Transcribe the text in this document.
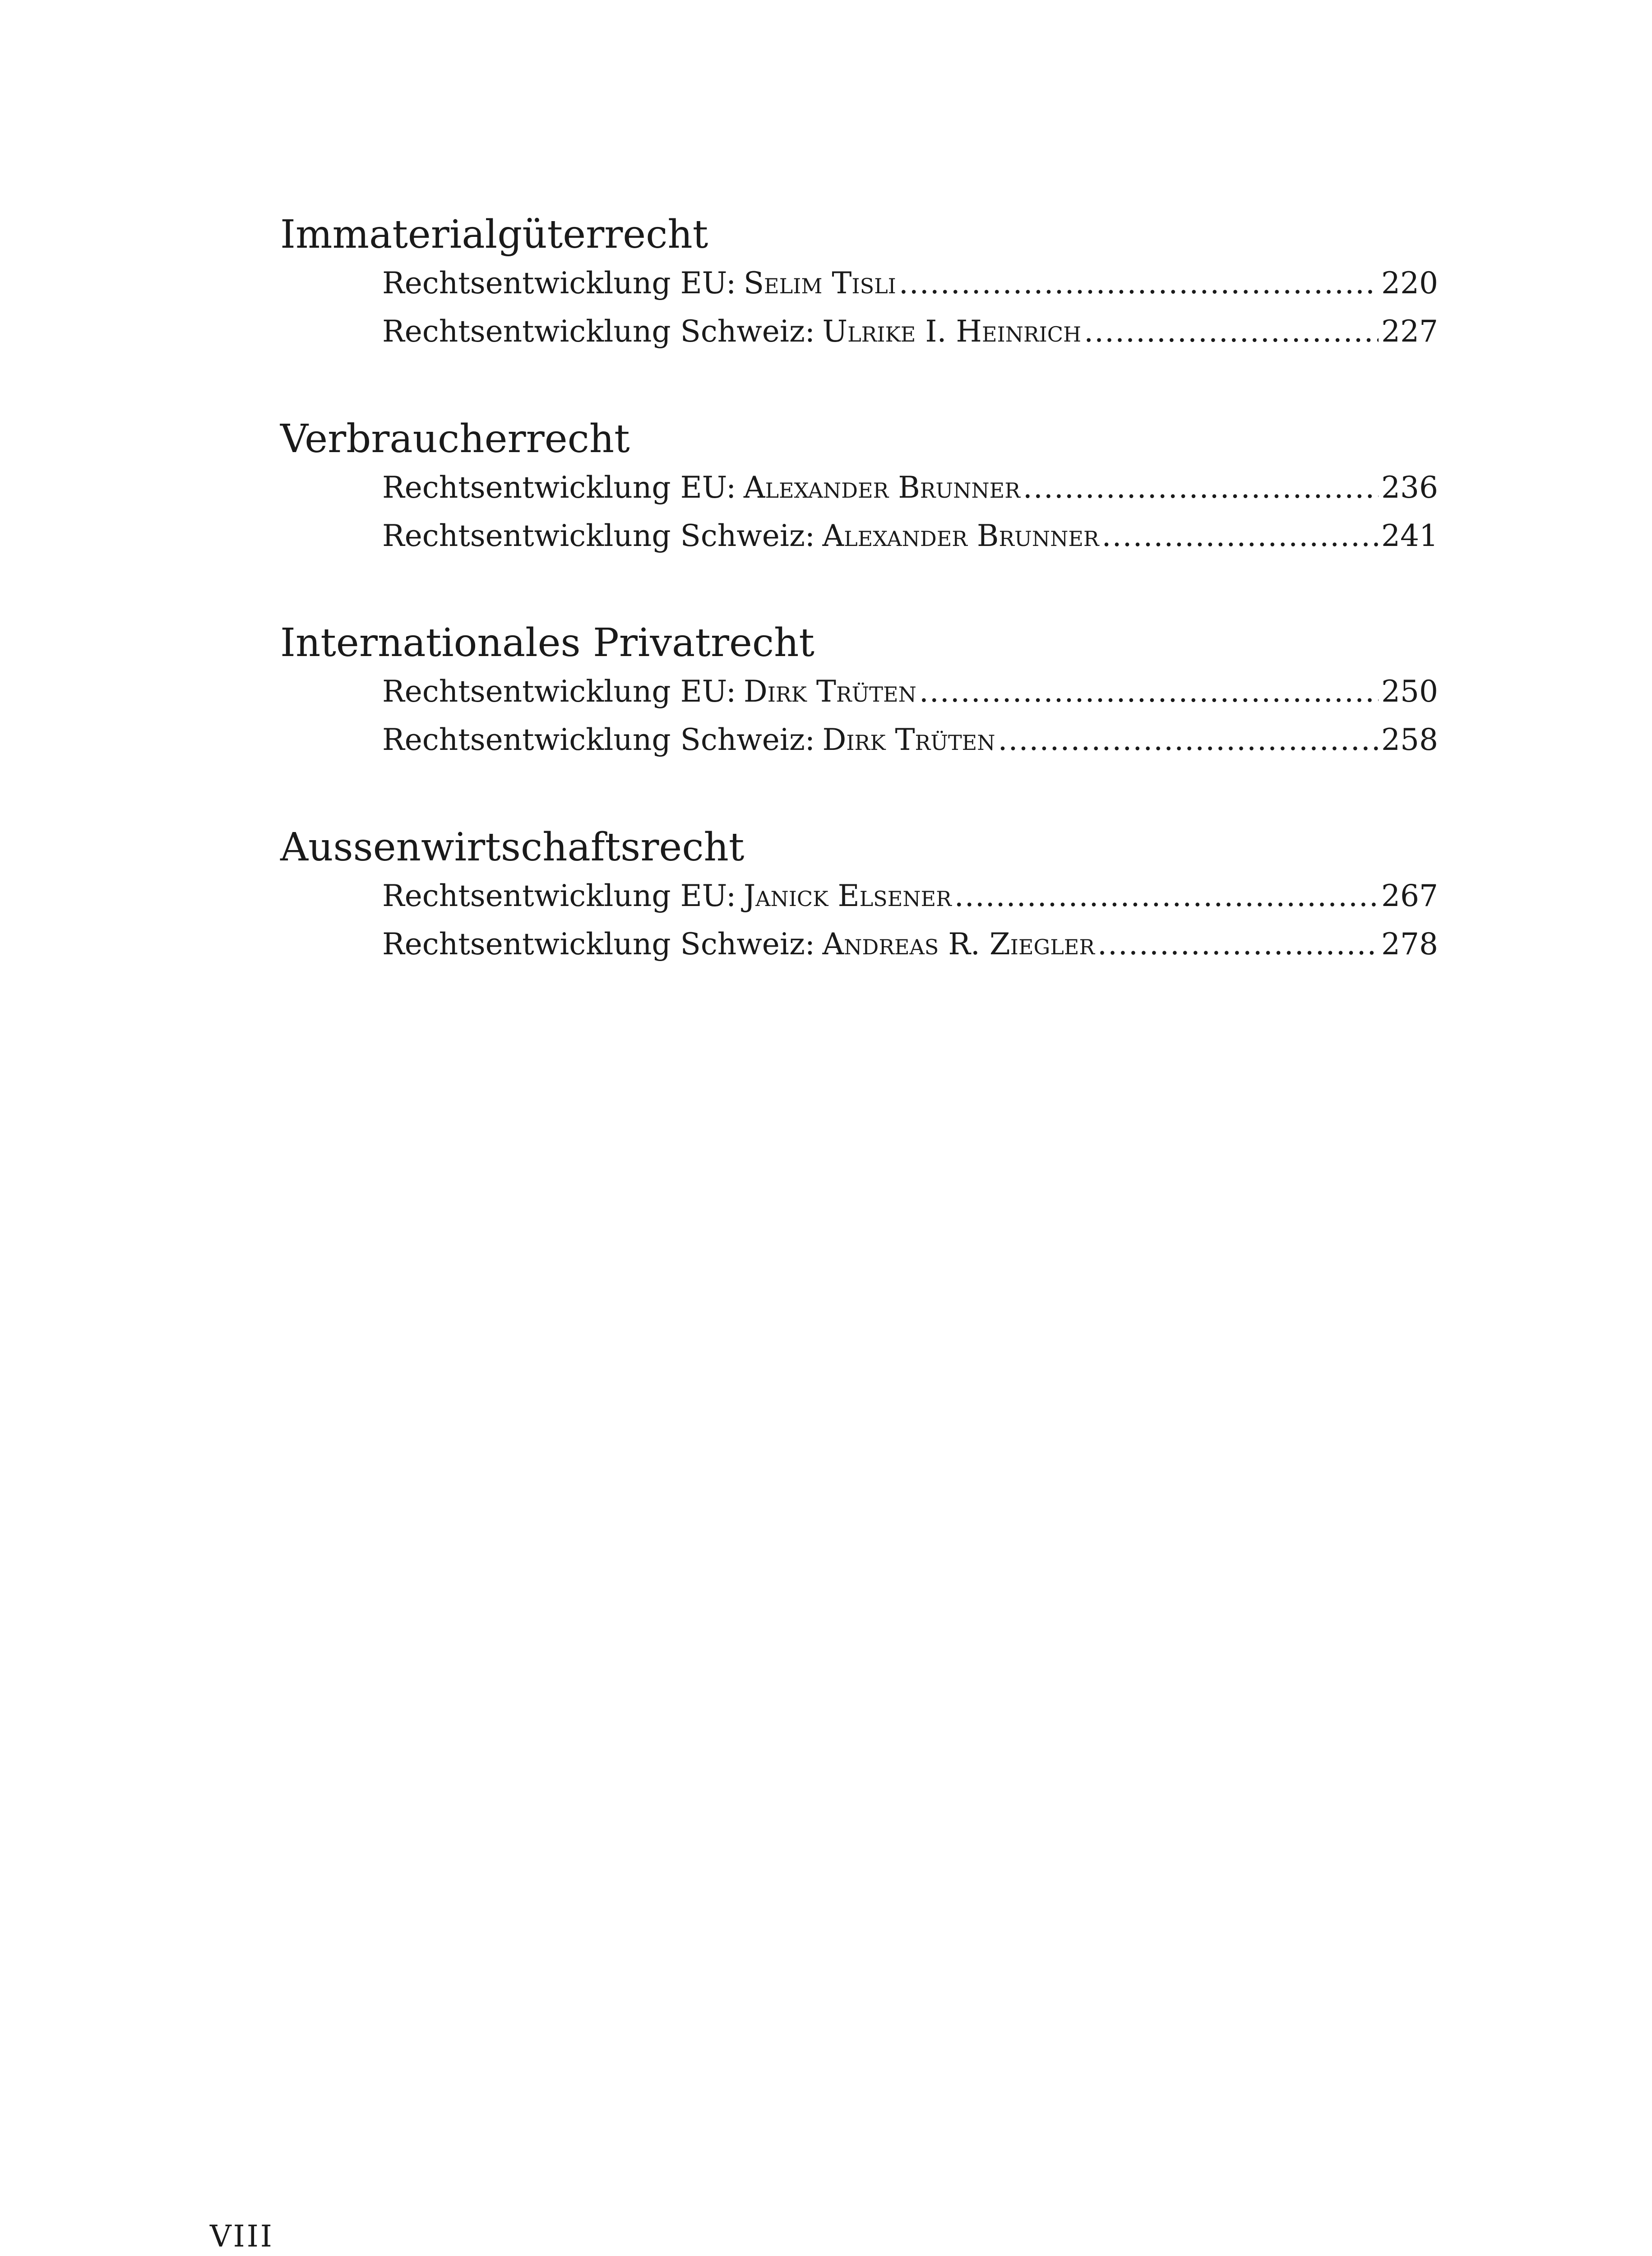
Immaterialgüterrecht
Rechtsentwicklung EU: Selim Tisli .....	220
Rechtsentwicklung Schweiz: Ulrike I. Heinrich .....	227
Verbraucherrecht
Rechtsentwicklung EU: Alexander Brunner .....	236
Rechtsentwicklung Schweiz: Alexander Brunner .....	241
Internationales Privatrecht
Rechtsentwicklung EU: Dirk Trüten .....	250
Rechtsentwicklung Schweiz: Dirk Trüten .....	258
Aussenwirtschaftsrecht
Rechtsentwicklung EU: Janick Elsener .....	267
Rechtsentwicklung Schweiz: Andreas R. Ziegler .....	278

VIII
